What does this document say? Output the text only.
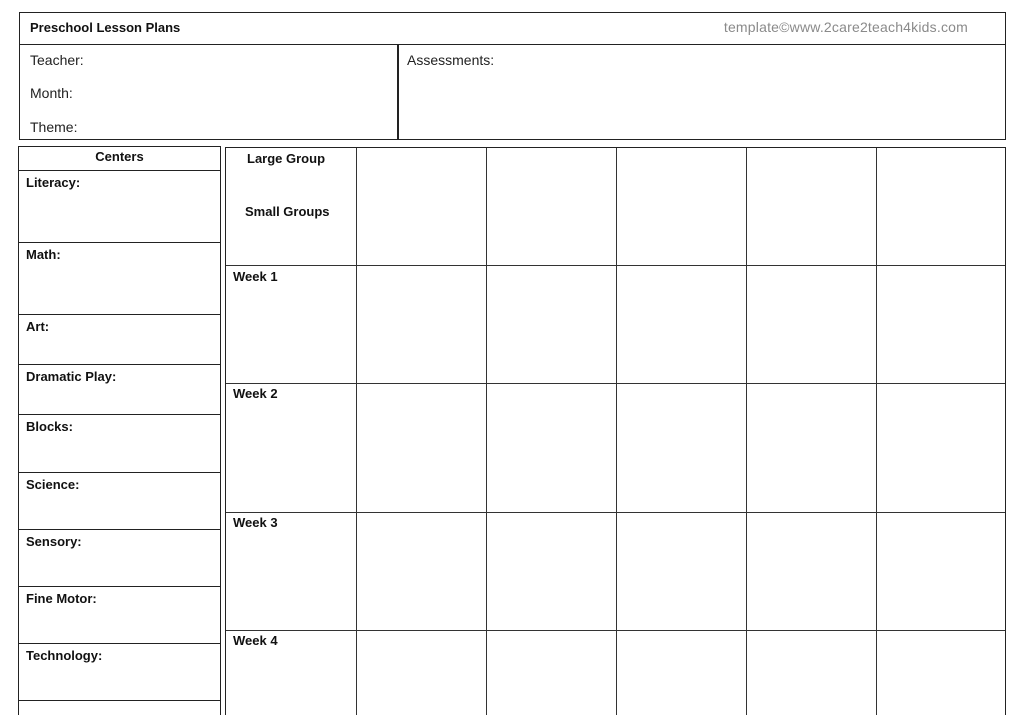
Preschool Lesson Plans	template©www.2care2teach4kids.com
Teacher:
Month:
Theme:
Assessments:
Centers
Literacy:
Math:
Art:
Dramatic Play:
Blocks:
Science:
Sensory:
Fine Motor:
Technology:
Large Group
Small Groups
Week 1
Week 2
Week 3
Week 4
